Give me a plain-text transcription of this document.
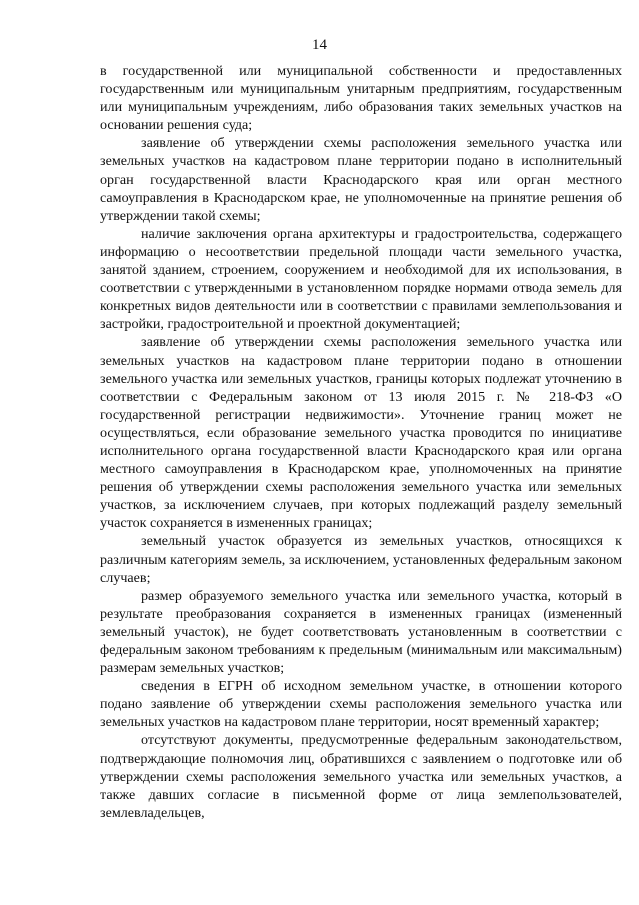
14

в государственной или муниципальной собственности и предоставленных государственным или муниципальным унитарным предприятиям, государственным или муниципальным учреждениям, либо образования таких земельных участков на основании решения суда;

заявление об утверждении схемы расположения земельного участка или земельных участков на кадастровом плане территории подано в исполнительный орган государственной власти Краснодарского края или орган местного самоуправления в Краснодарском крае, не уполномоченные на принятие решения об утверждении такой схемы;

наличие заключения органа архитектуры и градостроительства, содержащего информацию о несоответствии предельной площади части земельного участка, занятой зданием, строением, сооружением и необходимой для их использования, в соответствии с утвержденными в установленном порядке нормами отвода земель для конкретных видов деятельности или в соответствии с правилами землепользования и застройки, градостроительной и проектной документацией;

заявление об утверждении схемы расположения земельного участка или земельных участков на кадастровом плане территории подано в отношении земельного участка или земельных участков, границы которых подлежат уточнению в соответствии с Федеральным законом от 13 июля 2015 г. № 218-ФЗ «О государственной регистрации недвижимости». Уточнение границ может не осуществляться, если образование земельного участка проводится по инициативе исполнительного органа государственной власти Краснодарского края или органа местного самоуправления в Краснодарском крае, уполномоченных на принятие решения об утверждении схемы расположения земельного участка или земельных участков, за исключением случаев, при которых подлежащий разделу земельный участок сохраняется в измененных границах;

земельный участок образуется из земельных участков, относящихся к различным категориям земель, за исключением, установленных федеральным законом случаев;

размер образуемого земельного участка или земельного участка, который в результате преобразования сохраняется в измененных границах (измененный земельный участок), не будет соответствовать установленным в соответствии с федеральным законом требованиям к предельным (минимальным или максимальным) размерам земельных участков;

сведения в ЕГРН об исходном земельном участке, в отношении которого подано заявление об утверждении схемы расположения земельного участка или земельных участков на кадастровом плане территории, носят временный характер;

отсутствуют документы, предусмотренные федеральным законодательством, подтверждающие полномочия лиц, обратившихся с заявлением о подготовке или об утверждении схемы расположения земельного участка или земельных участков, а также давших согласие в письменной форме от лица землепользователей, землевладельцев,
